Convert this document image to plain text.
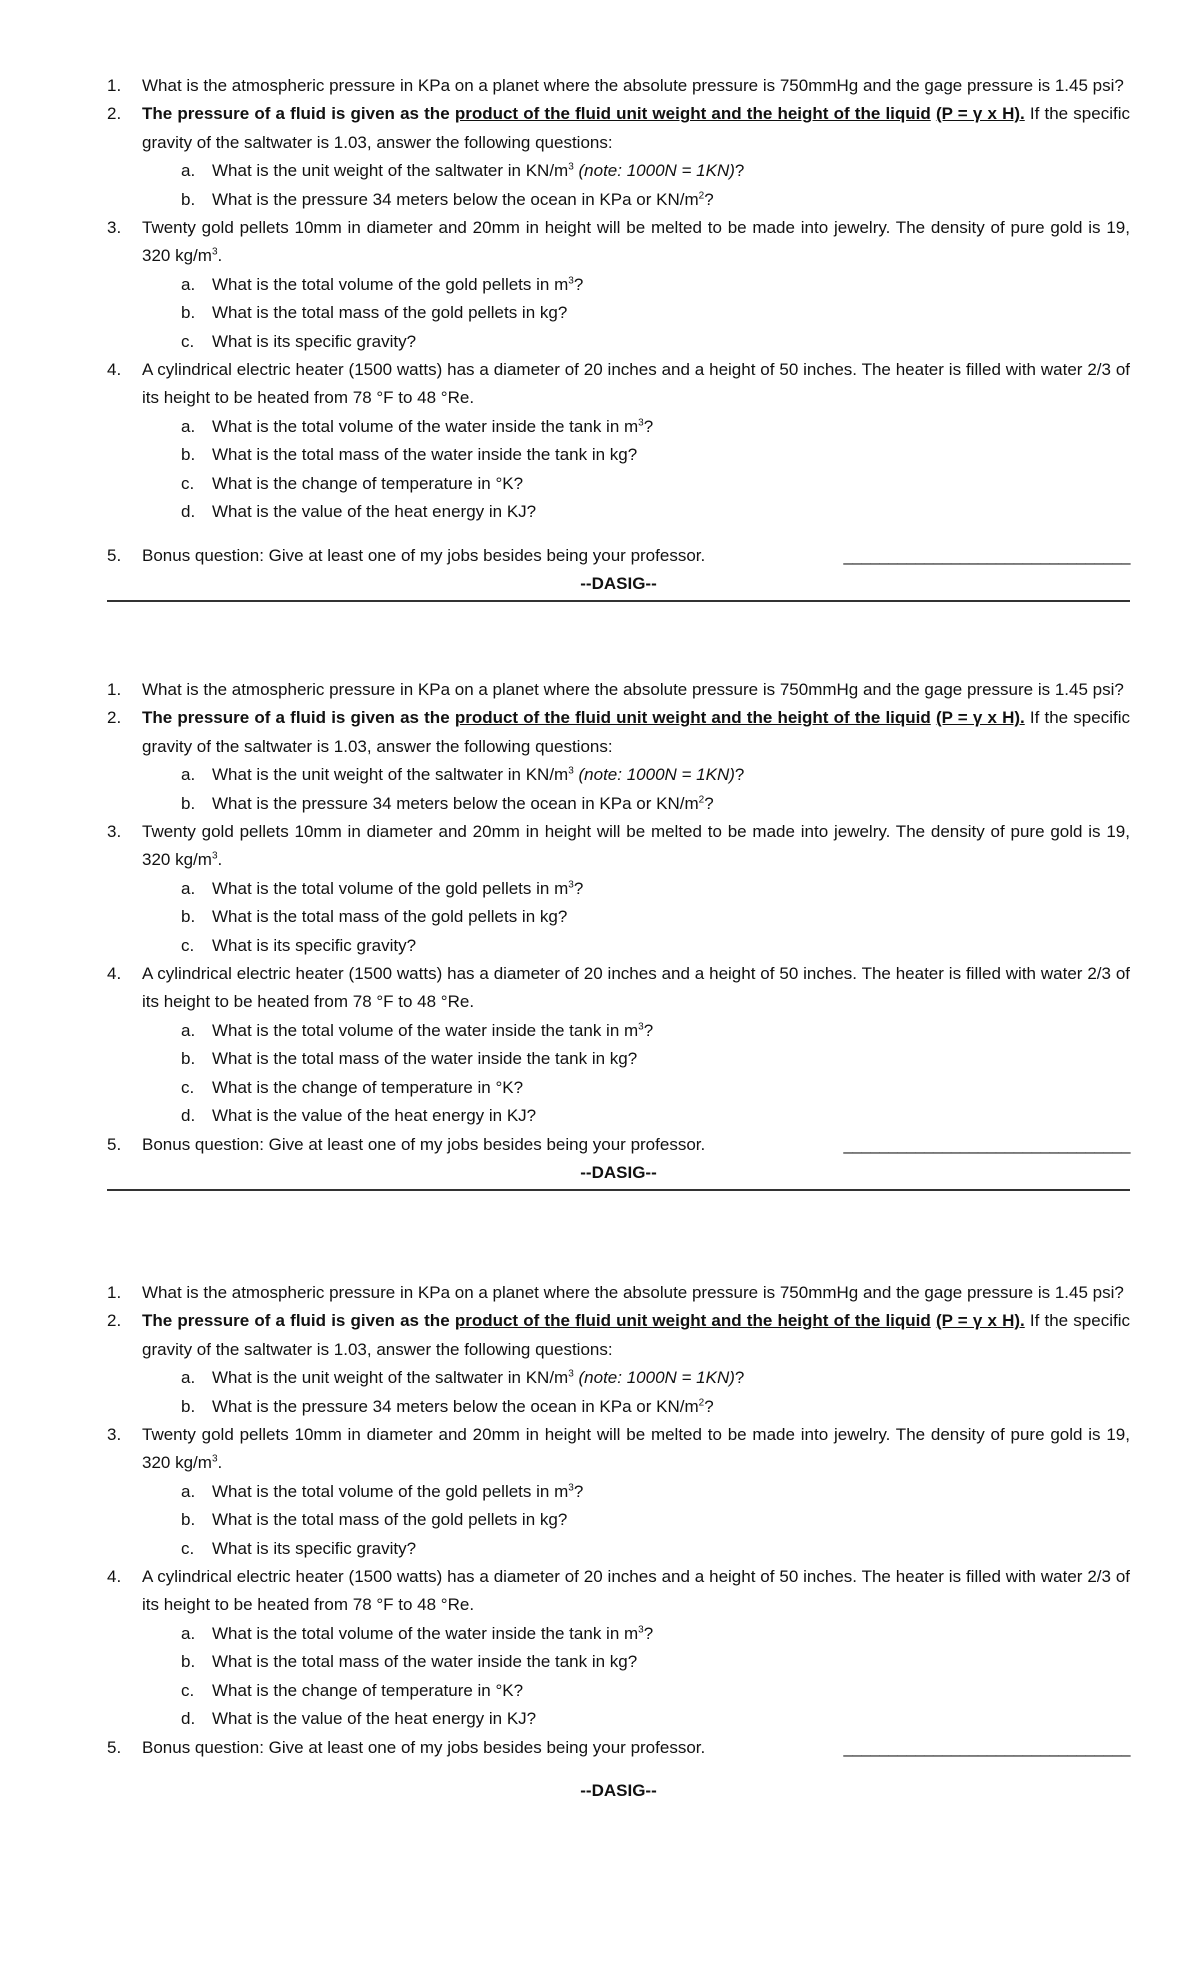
1. What is the atmospheric pressure in KPa on a planet where the absolute pressure is 750mmHg and the gage pressure is 1.45 psi?
2. The pressure of a fluid is given as the product of the fluid unit weight and the height of the liquid (P = γ x H). If the specific gravity of the saltwater is 1.03, answer the following questions:
a. What is the unit weight of the saltwater in $KN/m^3$ (note: 1000N = 1KN)?
b. What is the pressure 34 meters below the ocean in KPa or $KN/m^2$?
3. Twenty gold pellets 10mm in diameter and 20mm in height will be melted to be made into jewelry. The density of pure gold is 19, 320 $kg/m^3$.
a. What is the total volume of the gold pellets in $m^3$?
b. What is the total mass of the gold pellets in kg?
c. What is its specific gravity?
4. A cylindrical electric heater (1500 watts) has a diameter of 20 inches and a height of 50 inches. The heater is filled with water 2/3 of its height to be heated from 78 °F to 48 °Re.
a. What is the total volume of the water inside the tank in $m^3$?
b. What is the total mass of the water inside the tank in kg?
c. What is the change of temperature in °K?
d. What is the value of the heat energy in KJ?
5. Bonus question: Give at least one of my jobs besides being your professor.	________________________________
--DASIG--
1. What is the atmospheric pressure in KPa on a planet where the absolute pressure is 750mmHg and the gage pressure is 1.45 psi?
2. The pressure of a fluid is given as the product of the fluid unit weight and the height of the liquid (P = γ x H). If the specific gravity of the saltwater is 1.03, answer the following questions:
a. What is the unit weight of the saltwater in $KN/m^3$ (note: 1000N = 1KN)?
b. What is the pressure 34 meters below the ocean in KPa or $KN/m^2$?
3. Twenty gold pellets 10mm in diameter and 20mm in height will be melted to be made into jewelry. The density of pure gold is 19, 320 $kg/m^3$.
a. What is the total volume of the gold pellets in $m^3$?
b. What is the total mass of the gold pellets in kg?
c. What is its specific gravity?
4. A cylindrical electric heater (1500 watts) has a diameter of 20 inches and a height of 50 inches. The heater is filled with water 2/3 of its height to be heated from 78 °F to 48 °Re.
a. What is the total volume of the water inside the tank in $m^3$?
b. What is the total mass of the water inside the tank in kg?
c. What is the change of temperature in °K?
d. What is the value of the heat energy in KJ?
5. Bonus question: Give at least one of my jobs besides being your professor.	________________________________
--DASIG--
1. What is the atmospheric pressure in KPa on a planet where the absolute pressure is 750mmHg and the gage pressure is 1.45 psi?
2. The pressure of a fluid is given as the product of the fluid unit weight and the height of the liquid (P = γ x H). If the specific gravity of the saltwater is 1.03, answer the following questions:
a. What is the unit weight of the saltwater in $KN/m^3$ (note: 1000N = 1KN)?
b. What is the pressure 34 meters below the ocean in KPa or $KN/m^2$?
3. Twenty gold pellets 10mm in diameter and 20mm in height will be melted to be made into jewelry. The density of pure gold is 19, 320 $kg/m^3$.
a. What is the total volume of the gold pellets in $m^3$?
b. What is the total mass of the gold pellets in kg?
c. What is its specific gravity?
4. A cylindrical electric heater (1500 watts) has a diameter of 20 inches and a height of 50 inches. The heater is filled with water 2/3 of its height to be heated from 78 °F to 48 °Re.
a. What is the total volume of the water inside the tank in $m^3$?
b. What is the total mass of the water inside the tank in kg?
c. What is the change of temperature in °K?
d. What is the value of the heat energy in KJ?
5. Bonus question: Give at least one of my jobs besides being your professor.	________________________________
--DASIG--
